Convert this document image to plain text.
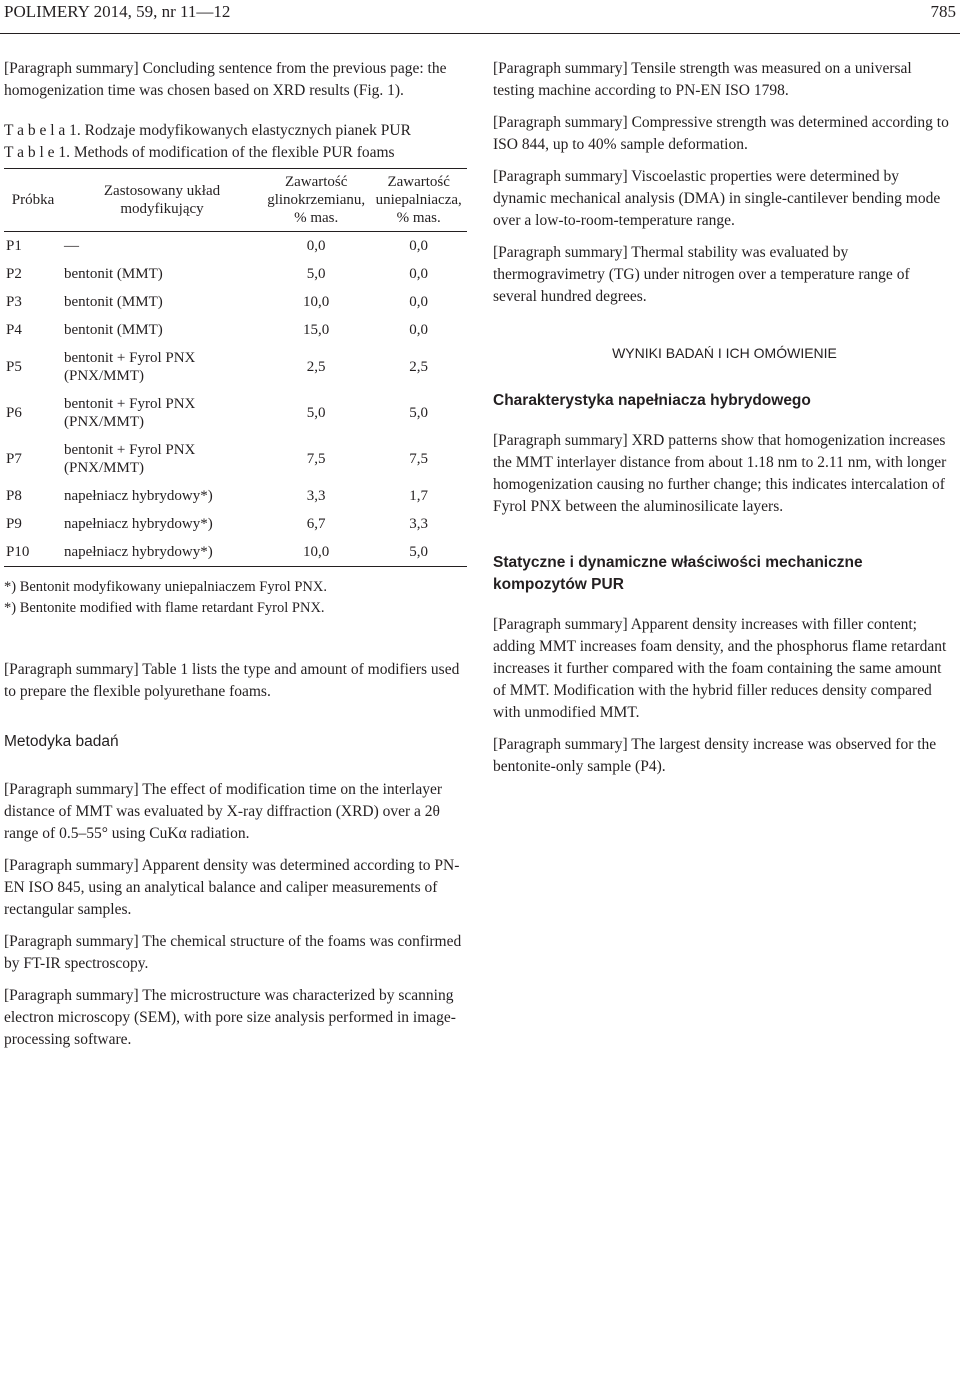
POLIMERY 2014, 59, nr 11—12	785
[Paragraph summary] Concluding sentence from the previous page: the homogenization time was chosen based on XRD results (Fig. 1).
T a b e l a 1. Rodzaje modyfikowanych elastycznych pianek PUR
T a b l e 1. Methods of modification of the flexible PUR foams
Próbka	Zastosowany układ modyfikujący	Zawartość glinokrzemianu, % mas.	Zawartość uniepalniacza, % mas.
P1	—	0,0	0,0
P2	bentonit (MMT)	5,0	0,0
P3	bentonit (MMT)	10,0	0,0
P4	bentonit (MMT)	15,0	0,0
P5	bentonit + Fyrol PNX (PNX/MMT)	2,5	2,5
P6	bentonit + Fyrol PNX (PNX/MMT)	5,0	5,0
P7	bentonit + Fyrol PNX (PNX/MMT)	7,5	7,5
P8	napełniacz hybrydowy*)	3,3	1,7
P9	napełniacz hybrydowy*)	6,7	3,3
P10	napełniacz hybrydowy*)	10,0	5,0
*) Bentonit modyfikowany uniepalniaczem Fyrol PNX.
*) Bentonite modified with flame retardant Fyrol PNX.
[Paragraph summary] Table 1 lists the type and amount of modifiers used to prepare the flexible polyurethane foams.
Metodyka badań
[Paragraph summary] The effect of modification time on the interlayer distance of MMT was evaluated by X-ray diffraction (XRD) over a 2θ range of 0.5–55° using CuKα radiation.
[Paragraph summary] Apparent density was determined according to PN-EN ISO 845, using an analytical balance and caliper measurements of rectangular samples.
[Paragraph summary] The chemical structure of the foams was confirmed by FT-IR spectroscopy.
[Paragraph summary] The microstructure was characterized by scanning electron microscopy (SEM), with pore size analysis performed in image-processing software.
[Paragraph summary] Tensile strength was measured on a universal testing machine according to PN-EN ISO 1798.
[Paragraph summary] Compressive strength was determined according to ISO 844, up to 40% sample deformation.
[Paragraph summary] Viscoelastic properties were determined by dynamic mechanical analysis (DMA) in single-cantilever bending mode over a low-to-room-temperature range.
[Paragraph summary] Thermal stability was evaluated by thermogravimetry (TG) under nitrogen over a temperature range of several hundred degrees.
WYNIKI BADAŃ I ICH OMÓWIENIE
Charakterystyka napełniacza hybrydowego
[Paragraph summary] XRD patterns show that homogenization increases the MMT interlayer distance from about 1.18 nm to 2.11 nm, with longer homogenization causing no further change; this indicates intercalation of Fyrol PNX between the aluminosilicate layers.
Statyczne i dynamiczne właściwości mechaniczne kompozytów PUR
[Paragraph summary] Apparent density increases with filler content; adding MMT increases foam density, and the phosphorus flame retardant increases it further compared with the foam containing the same amount of MMT. Modification with the hybrid filler reduces density compared with unmodified MMT.
[Paragraph summary] The largest density increase was observed for the bentonite-only sample (P4).
